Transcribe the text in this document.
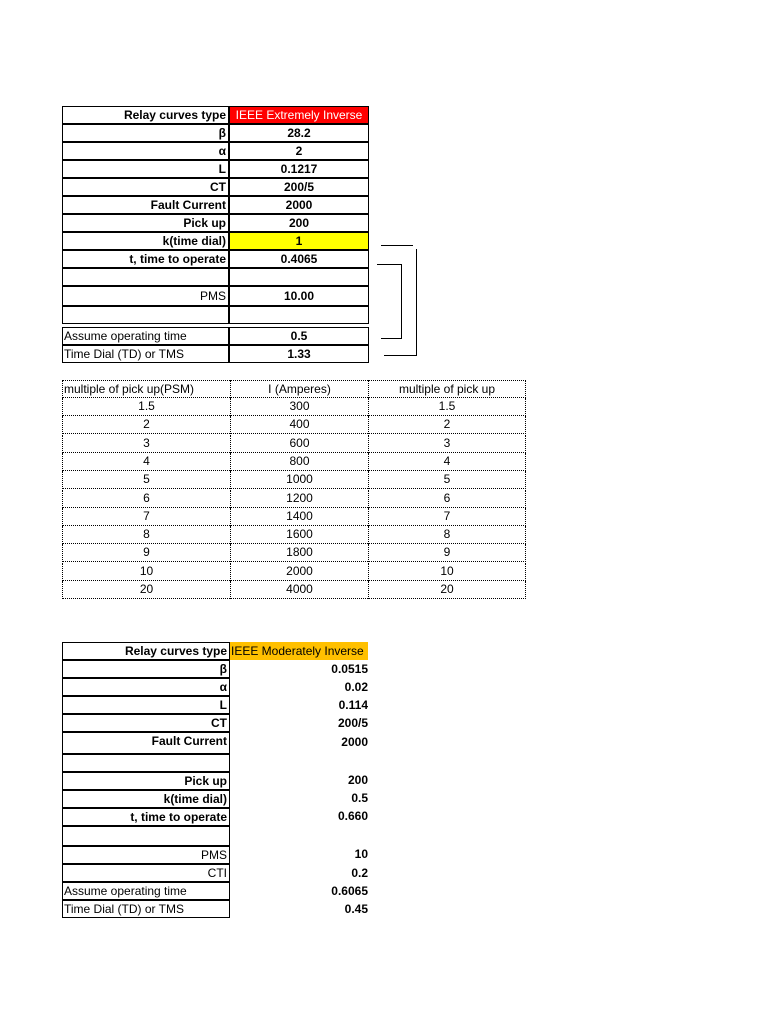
Relay curves type IEEE Extremely Inverse
β	28.2
α	2
L	0.1217
CT	200/5
Fault Current	2000
Pick up	200
k(time dial)	1
t, time to operate	0.4065
PMS	10.00
Assume operating time	0.5
Time Dial (TD) or TMS	1.33
multiple of pick up(PSM)	I (Amperes)	multiple of pick up
1.5	300	1.5
2	400	2
3	600	3
4	800	4
5	1000	5
6	1200	6
7	1400	7
8	1600	8
9	1800	9
10	2000	10
20	4000	20
Relay curves type IEEE Moderately Inverse
β	0.0515
α	0.02
L	0.114
CT	200/5
Fault Current	2000
Pick up	200
k(time dial)	0.5
t, time to operate	0.660
PMS	10
CTI	0.2
Assume operating time	0.6065
Time Dial (TD) or TMS	0.45
